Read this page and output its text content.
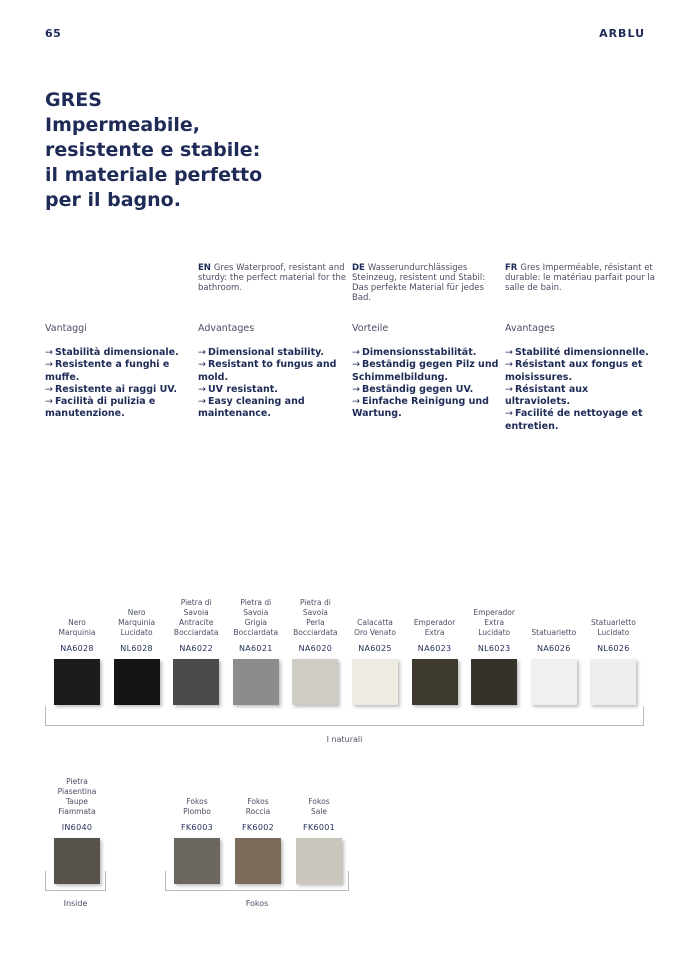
65	ARBLU
GRES
Impermeabile,
resistente e stabile:
il materiale perfetto
per il bagno.
Vantaggi
→ Stabilità dimensionale.
→ Resistente a funghi e muffe.
→ Resistente ai raggi UV.
→ Facilità di pulizia e manutenzione.
EN Gres Waterproof, resistant and sturdy: the perfect material for the bathroom.
Advantages
→ Dimensional stability.
→ Resistant to fungus and mold.
→ UV resistant.
→ Easy cleaning and maintenance.
DE Wasserundurchlässiges Steinzeug, resistent und Stabil: Das perfekte Material für jedes Bad.
Vorteile
→ Dimensionsstabilität.
→ Beständig gegen Pilz und Schimmelbildung.
→ Beständig gegen UV.
→ Einfache Reinigung und Wartung.
FR Gres Imperméable, résistant et durable: le matériau parfait pour la salle de bain.
Avantages
→ Stabilité dimensionnelle.
→ Résistant aux fongus et moisissures.
→ Résistant aux ultraviolets.
→ Facilité de nettoyage et entretien.
Nero
Marquinia
NA6028
Nero
Marquinia
Lucidato
NL6028
Pietra di
Savoia
Antracite
Bocciardata
NA6022
Pietra di
Savoia
Grigia
Bocciardata
NA6021
Pietra di
Savoia
Perla
Bocciardata
NA6020
Calacatta
Oro Venato
NA6025
Emperador
Extra
NA6023
Emperador
Extra
Lucidato
NL6023
Statuarietto
NA6026
Statuarietto
Lucidato
NL6026
I naturali
Pietra
Piasentina
Taupe
Fiammata
IN6040
Inside
Fokos
Piombo
FK6003
Fokos
Roccia
FK6002
Fokos
Sale
FK6001
Fokos
